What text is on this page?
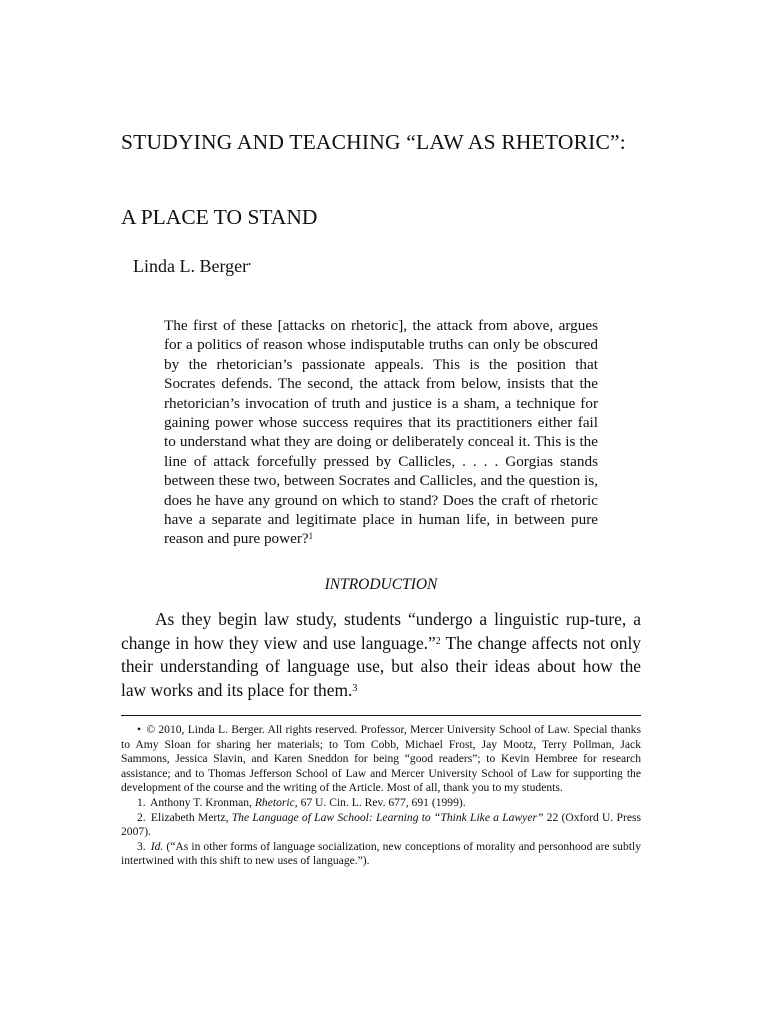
STUDYING AND TEACHING “LAW AS RHETORIC”:
A PLACE TO STAND
Linda L. Berger•

The first of these [attacks on rhetoric], the attack from above, argues for a politics of reason whose indisputable truths can only be obscured by the rhetorician’s passionate appeals. This is the position that Socrates defends. The second, the attack from below, insists that the rhetorician’s invocation of truth and justice is a sham, a technique for gaining power whose success requires that its practitioners either fail to understand what they are doing or deliberately conceal it. This is the line of attack forcefully pressed by Callicles, . . . . Gorgias stands between these two, between Socrates and Callicles, and the question is, does he have any ground on which to stand? Does the craft of rhetoric have a separate and legitimate place in human life, in between pure reason and pure power?$^1$

INTRODUCTION

As they begin law study, students “undergo a linguistic rup-ture, a change in how they view and use language.”$^2$ The change affects not only their understanding of language use, but also their ideas about how the law works and its place for them.$^3$

• © 2010, Linda L. Berger. All rights reserved. Professor, Mercer University School of Law. Special thanks to Amy Sloan for sharing her materials; to Tom Cobb, Michael Frost, Jay Mootz, Terry Pollman, Jack Sammons, Jessica Slavin, and Karen Sneddon for being “good readers”; to Kevin Hembree for research assistance; and to Thomas Jefferson School of Law and Mercer University School of Law for supporting the development of the course and the writing of the Article. Most of all, thank you to my students.

1. Anthony T. Kronman, Rhetoric, 67 U. Cin. L. Rev. 677, 691 (1999).

2. Elizabeth Mertz, The Language of Law School: Learning to “Think Like a Lawyer” 22 (Oxford U. Press 2007).

3. Id. (“As in other forms of language socialization, new conceptions of morality and personhood are subtly intertwined with this shift to new uses of language.”).
